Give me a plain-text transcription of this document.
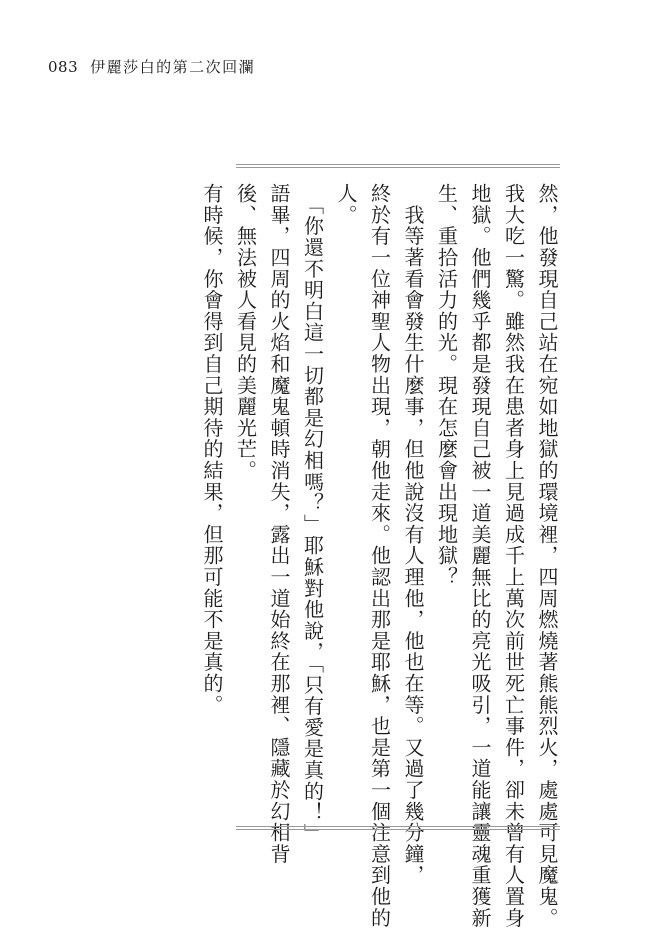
083 伊麗莎白的第二次回瀾
然，他發現自己站在宛如地獄的環境裡，四周燃燒著熊熊烈火，處處可見魔鬼。
我大吃一驚。雖然我在患者身上見過成千上萬次前世死亡事件，卻未曾有人置身
地獄。他們幾乎都是發現自己被一道美麗無比的亮光吸引，一道能讓靈魂重獲新
生、重拾活力的光。現在怎麼會出現地獄？
　我等著看會發生什麼事，但他說沒有人理他，他也在等。又過了幾分鐘，
終於有一位神聖人物出現，朝他走來。他認出那是耶穌，也是第一個注意到他的
人。
　「你還不明白這一切都是幻相嗎？」耶穌對他說，「只有愛是真的！」
語畢，四周的火焰和魔鬼頓時消失，露出一道始終在那裡、隱藏於幻相背
後、無法被人看見的美麗光芒。
有時候，你會得到自己期待的結果，但那可能不是真的。
